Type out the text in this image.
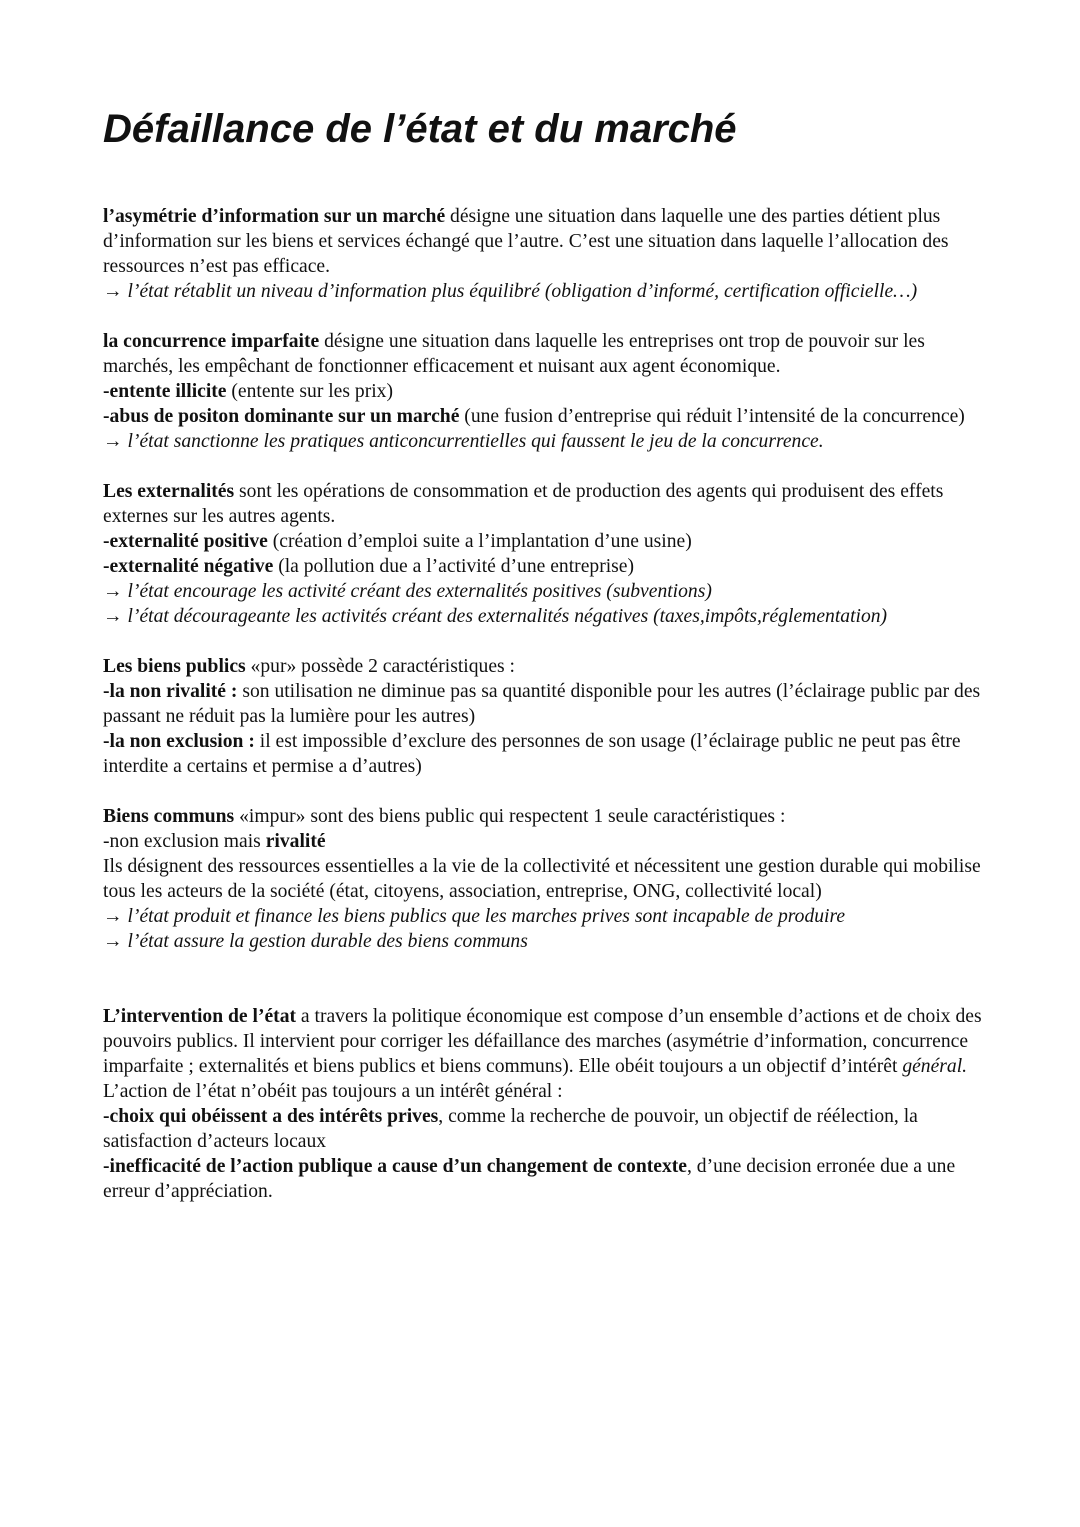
Défaillance de l’état et du marché

l’asymétrie d’information sur un marché désigne une situation dans laquelle une des parties détient plus d’information sur les biens et services échangé que l’autre. C’est une situation dans laquelle l’allocation des ressources n’est pas efficace.

→ l’état rétablit un niveau d’information plus équilibré (obligation d’informé, certification officielle…)

la concurrence imparfaite désigne une situation dans laquelle les entreprises ont trop de pouvoir sur les marchés, les empêchant de fonctionner efficacement et nuisant aux agent économique.

-entente illicite (entente sur les prix)

-abus de positon dominante sur un marché (une fusion d’entreprise qui réduit l’intensité de la concurrence)

→ l’état sanctionne les pratiques anticoncurrentielles qui faussent le jeu de la concurrence.

Les externalités sont les opérations de consommation et de production des agents qui produisent des effets externes sur les autres agents.

-externalité positive (création d’emploi suite a l’implantation d’une usine)

-externalité négative (la pollution due a l’activité d’une entreprise)

→ l’état encourage les activité créant des externalités positives (subventions)

→ l’état décourageante les activités créant des externalités négatives (taxes,impôts,réglementation)

Les biens publics «pur» possède 2 caractéristiques :

-la non rivalité : son utilisation ne diminue pas sa quantité disponible pour les autres (l’éclairage public par des passant ne réduit pas la lumière pour les autres)

-la non exclusion : il est impossible d’exclure des personnes de son usage (l’éclairage public ne peut pas être interdite a certains et permise a d’autres)

Biens communs «impur» sont des biens public qui respectent 1 seule caractéristiques :

-non exclusion mais rivalité

Ils désignent des ressources essentielles a la vie de la collectivité et nécessitent une gestion durable qui mobilise tous les acteurs de la société (état, citoyens, association, entreprise, ONG, collectivité local)

→ l’état produit et finance les biens publics que les marches prives sont incapable de produire

→ l’état assure la gestion durable des biens communs

L’intervention de l’état a travers la politique économique est compose d’un ensemble d’actions et de choix des pouvoirs publics. Il intervient pour corriger les défaillance des marches (asymétrie d’information, concurrence imparfaite ; externalités et biens publics et biens communs). Elle obéit toujours a un objectif d’intérêt général.

L’action de l’état n’obéit pas toujours a un intérêt général :

-choix qui obéissent a des intérêts prives, comme la recherche de pouvoir, un objectif de réélection, la satisfaction d’acteurs locaux

-inefficacité de l’action publique a cause d’un changement de contexte, d’une decision erronée due a une erreur d’appréciation.
